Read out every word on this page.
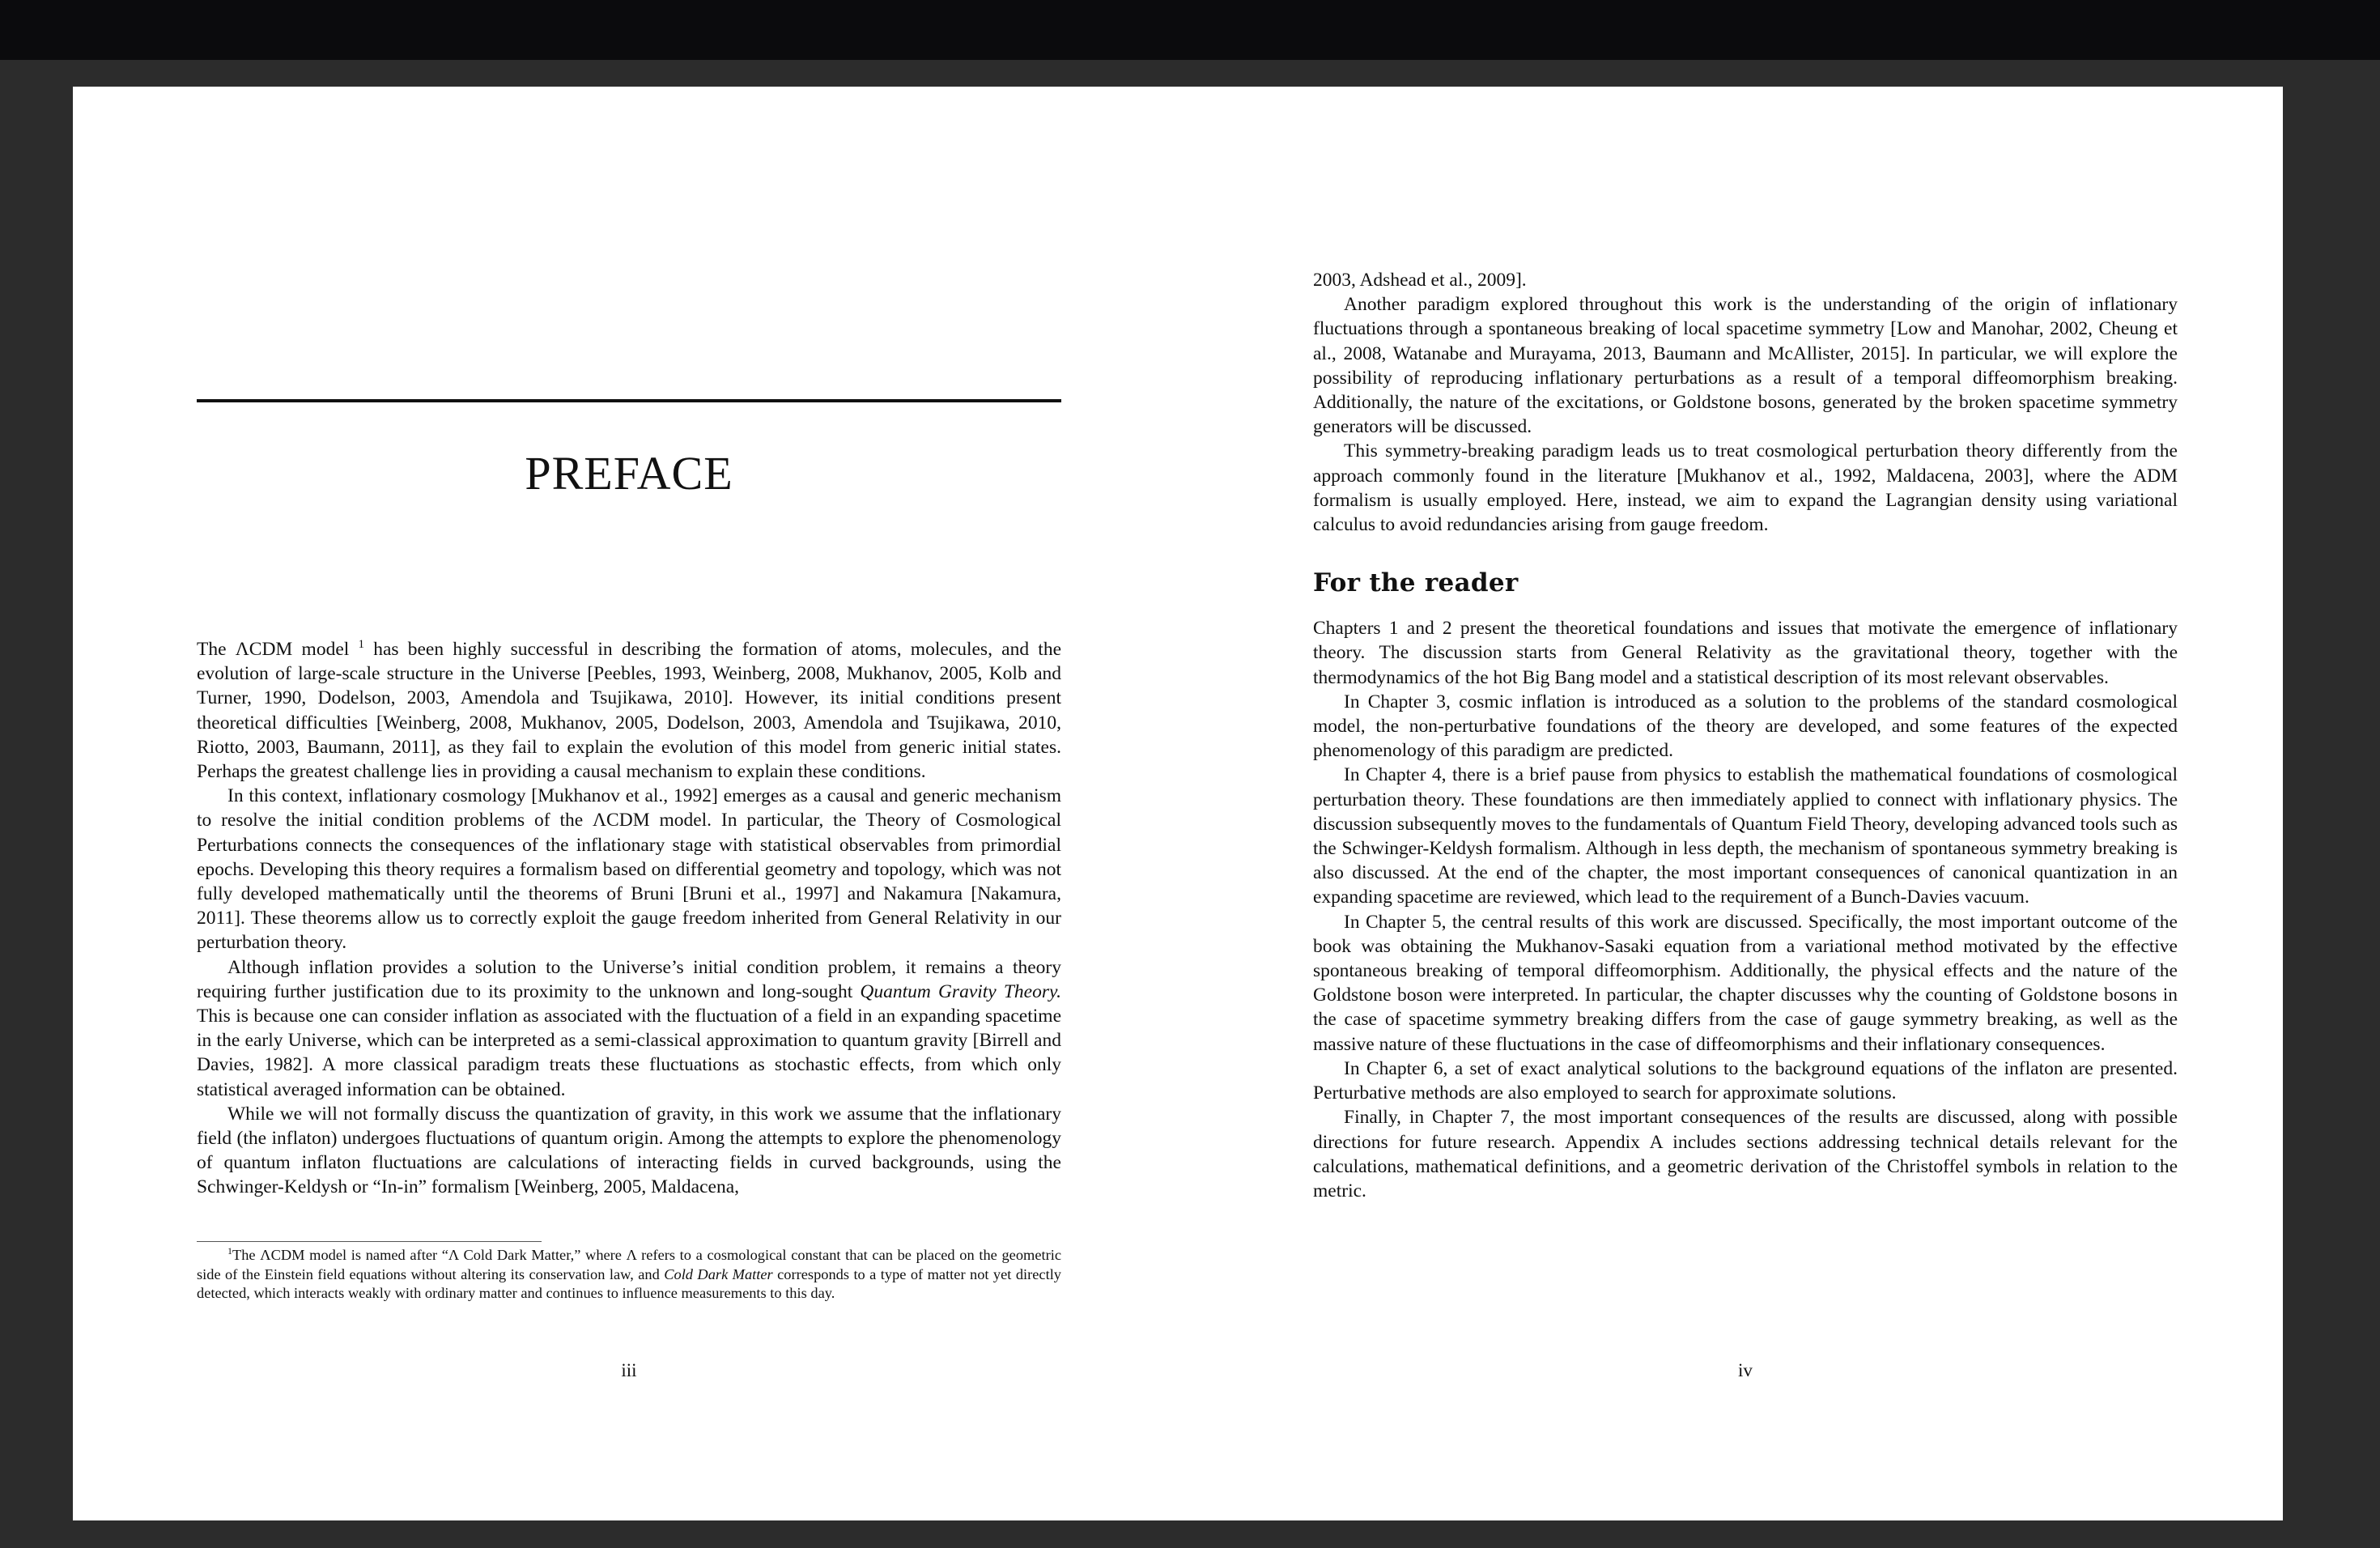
PREFACE

The ΛCDM model $^1$ has been highly successful in describing the formation of atoms, molecules, and the evolution of large-scale structure in the Universe [Peebles, 1993, Weinberg, 2008, Mukhanov, 2005, Kolb and Turner, 1990, Dodelson, 2003, Amendola and Tsujikawa, 2010]. However, its initial conditions present theoretical difficulties [Weinberg, 2008, Mukhanov, 2005, Dodelson, 2003, Amendola and Tsujikawa, 2010, Riotto, 2003, Baumann, 2011], as they fail to explain the evolution of this model from generic initial states. Perhaps the greatest challenge lies in providing a causal mechanism to explain these conditions.

In this context, inflationary cosmology [Mukhanov et al., 1992] emerges as a causal and generic mechanism to resolve the initial condition problems of the ΛCDM model. In particular, the Theory of Cosmological Perturbations connects the consequences of the inflationary stage with statistical observables from primordial epochs. Developing this theory requires a formalism based on differential geometry and topology, which was not fully developed mathematically until the theorems of Bruni [Bruni et al., 1997] and Nakamura [Nakamura, 2011]. These theorems allow us to correctly exploit the gauge freedom inherited from General Relativity in our perturbation theory.

Although inflation provides a solution to the Universe’s initial condition problem, it remains a theory requiring further justification due to its proximity to the unknown and long-sought Quantum Gravity Theory. This is because one can consider inflation as associated with the fluctuation of a field in an expanding spacetime in the early Universe, which can be interpreted as a semi-classical approximation to quantum gravity [Birrell and Davies, 1982]. A more classical paradigm treats these fluctuations as stochastic effects, from which only statistical averaged information can be obtained.

While we will not formally discuss the quantization of gravity, in this work we assume that the inflationary field (the inflaton) undergoes fluctuations of quantum origin. Among the attempts to explore the phenomenology of quantum inflaton fluctuations are calculations of interacting fields in curved backgrounds, using the Schwinger-Keldysh or “In-in” formalism [Weinberg, 2005, Maldacena,

$^1$The ΛCDM model is named after “Λ Cold Dark Matter,” where Λ refers to a cosmological constant that can be placed on the geometric side of the Einstein field equations without altering its conservation law, and Cold Dark Matter corresponds to a type of matter not yet directly detected, which interacts weakly with ordinary matter and continues to influence measurements to this day.

iii

2003, Adshead et al., 2009].

Another paradigm explored throughout this work is the understanding of the origin of inflationary fluctuations through a spontaneous breaking of local spacetime symmetry [Low and Manohar, 2002, Cheung et al., 2008, Watanabe and Murayama, 2013, Baumann and McAllister, 2015]. In particular, we will explore the possibility of reproducing inflationary perturbations as a result of a temporal diffeomorphism breaking. Additionally, the nature of the excitations, or Goldstone bosons, generated by the broken spacetime symmetry generators will be discussed.

This symmetry-breaking paradigm leads us to treat cosmological perturbation theory differently from the approach commonly found in the literature [Mukhanov et al., 1992, Maldacena, 2003], where the ADM formalism is usually employed. Here, instead, we aim to expand the Lagrangian density using variational calculus to avoid redundancies arising from gauge freedom.

For the reader

Chapters 1 and 2 present the theoretical foundations and issues that motivate the emergence of inflationary theory. The discussion starts from General Relativity as the gravitational theory, together with the thermodynamics of the hot Big Bang model and a statistical description of its most relevant observables.

In Chapter 3, cosmic inflation is introduced as a solution to the problems of the standard cosmological model, the non-perturbative foundations of the theory are developed, and some features of the expected phenomenology of this paradigm are predicted.

In Chapter 4, there is a brief pause from physics to establish the mathematical foundations of cosmological perturbation theory. These foundations are then immediately applied to connect with inflationary physics. The discussion subsequently moves to the fundamentals of Quantum Field Theory, developing advanced tools such as the Schwinger-Keldysh formalism. Although in less depth, the mechanism of spontaneous symmetry breaking is also discussed. At the end of the chapter, the most important consequences of canonical quantization in an expanding spacetime are reviewed, which lead to the requirement of a Bunch-Davies vacuum.

In Chapter 5, the central results of this work are discussed. Specifically, the most important outcome of the book was obtaining the Mukhanov-Sasaki equation from a variational method motivated by the effective spontaneous breaking of temporal diffeomorphism. Additionally, the physical effects and the nature of the Goldstone boson were interpreted. In particular, the chapter discusses why the counting of Goldstone bosons in the case of spacetime symmetry breaking differs from the case of gauge symmetry breaking, as well as the massive nature of these fluctuations in the case of diffeomorphisms and their inflationary consequences.

In Chapter 6, a set of exact analytical solutions to the background equations of the inflaton are presented. Perturbative methods are also employed to search for approximate solutions.

Finally, in Chapter 7, the most important consequences of the results are discussed, along with possible directions for future research. Appendix A includes sections addressing technical details relevant for the calculations, mathematical definitions, and a geometric derivation of the Christoffel symbols in relation to the metric.

iv
